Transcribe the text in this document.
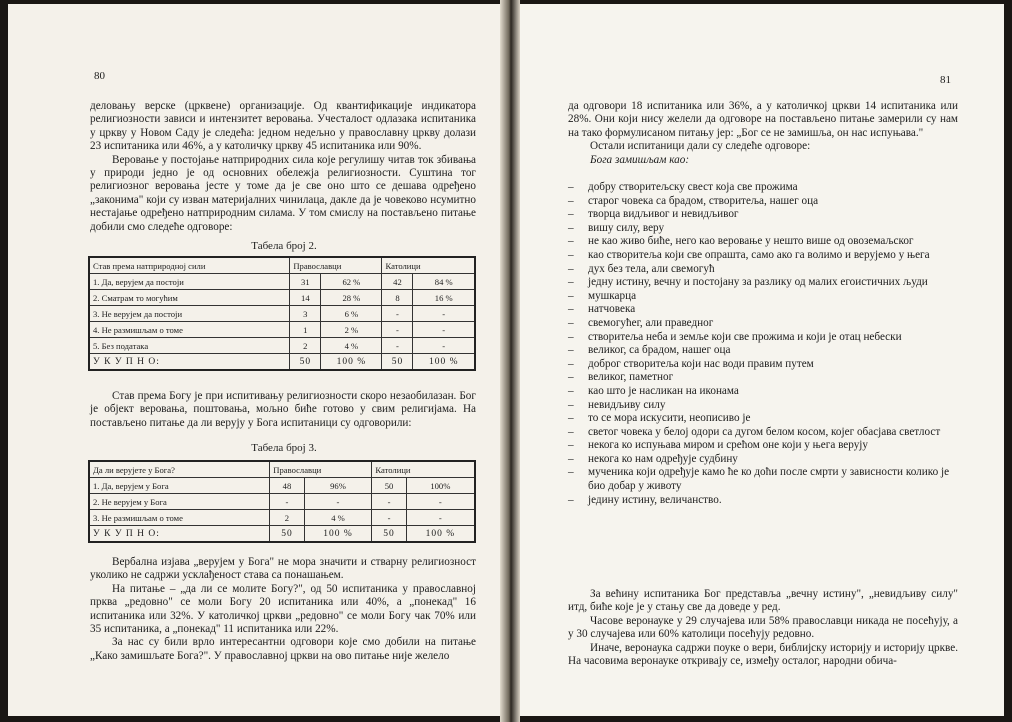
80

деловању верске (црквене) организације. Од квантификације индикатора религиозности зависи и интензитет веровања. Учесталост одлазака испитаника у цркву у Новом Саду је следећа: једном недељно у православну цркву долази 23 испитаника или 46%, а у католичку цркву 45 испитаника или 90%.

Веровање у постојање натприродних сила које регулишу читав ток збивања у природи једно је од основних обележја религиозности. Суштина тог религиозног веровања јесте у томе да је све оно што се дешава одређено „законима" који су изван материјалних чинилаца, дакле да је човеково нсумитно нестајање одређено натприродним силама. У том смислу на постављено питање добили смо следеће одговоре:

Табела број 2.
Став према натприродној сили	Православци		Католици	
1. Да, верујем да постоји	31	62 %	42	84 %
2. Сматрам то могућим	14	28 %	8	16 %
3. Не верујем да постоји	3	6 %	-	-
4. Не размишљам о томе	1	2 %	-	-
5. Без података	2	4 %	-	-
У К У П Н О:	50	100 %	50	100 %
Став према Богу је при испитивању религиозности скоро незаобилазан. Бог је објект веровања, поштовања, мољно биће готово у свим религијама. На постављено питање да ли верују у Бога испитаници су одговорили:
Табела број 3.
Да ли верујете у Бога?	Православци		Католици	
1. Да, верујем у Бога	48	96%	50	100%
2. Не верујем у Бога	-	-	-	-
3. Не размишљам о томе	2	4 %	-	-
У К У П Н О:	50	100 %	50	100 %

Вербална изјава „верујем у Бога" не мора значити и стварну религиозност уколико не садржи усклађеност става са понашањем.

На питање – „да ли се молите Богу?", од 50 испитаника у православној прква „редовно" се моли Богу 20 испитаника или 40%, а „понекад" 16 испитаника или 32%. У католичкој цркви „редовно" се моли Богу чак 70% или 35 испитаника, а „понекад" 11 испитаника или 22%.

За нас су били врло интересантни одговори које смо добили на питање „Како замишљате Бога?". У православној цркви на ово питање није желело

81

да одговори 18 испитаника или 36%, а у католичкој цркви 14 испитаника или 28%. Они који нису желели да одговоре на постављено питање замерили су нам на тако формулисаном питању јер: „Бог се не замишља, он нас испуњава."

Остали испитаници дали су следеће одговоре:

Бога замишљам као:

–	добру створитељску свест која све прожима
–	старог човека са брадом, створитеља, нашег оца
–	творца видљивог и невидљивог
–	вишу силу, веру
–	не као живо биће, него као веровање у нешто више од овоземаљског
–	као створитеља који све опрашта, само ако га волимо и верујемо у њега
–	дух без тела, али свемогућ
–	једну истину, вечну и постојану за разлику од малих егоистичних људи
–	мушкарца
–	натчовека
–	свемогућег, али праведног
–	створитеља неба и земље који све прожима и који је отац небески
–	великог, са брадом, нашег оца
–	доброг створитеља који нас води правим путем
–	великог, паметног
–	као што је насликан на иконама
–	невидљиву силу
–	то се мора искусити, неописиво је
–	светог човека у белој одори са дугом белом косом, којег обасјава светлост
–	некога ко испуњава миром и срећом оне који у њега верују
–	некога ко нам одређује судбину
–	мученика који одређује камо ће ко доћи после смрти у зависности колико је био добар у животу
–	једину истину, величанство.

За већину испитаника Бог представља „вечну истину", „невидљиву силу" итд, биће које је у стању све да доведе у ред.

Часове веронауке у 29 случајева или 58% православци никада не посећују, а у 30 случајева или 60% католици посећују редовно.

Иначе, веронаука садржи поуке о вери, библијску историју и историју цркве. На часовима веронауке откривају се, између осталог, народни обича-
